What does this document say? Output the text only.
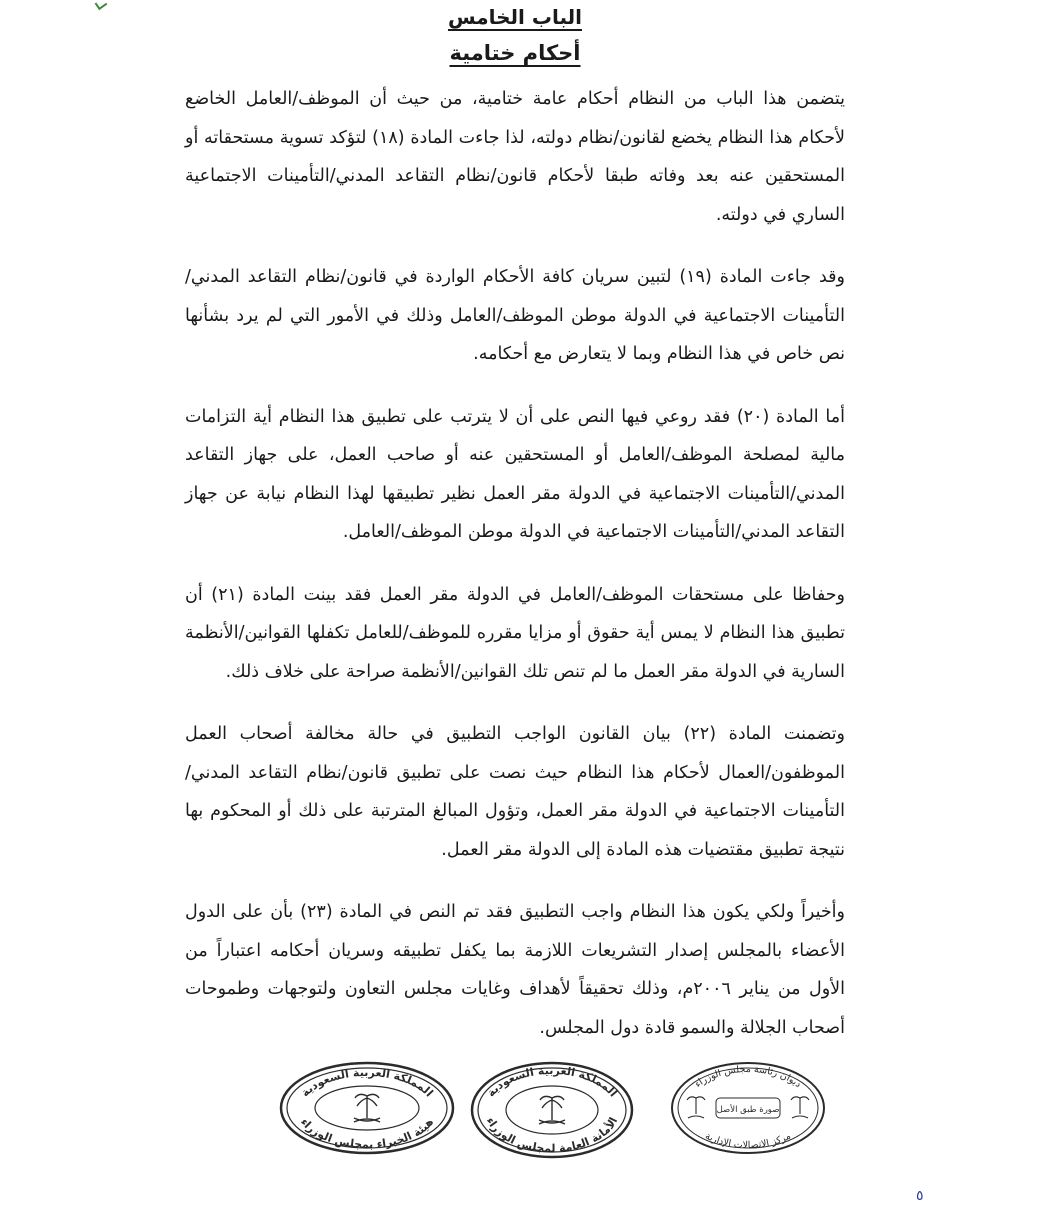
الباب الخامس
أحكام ختامية

يتضمن هذا الباب من النظام أحكام عامة ختامية، من حيث أن الموظف/العامل الخاضع لأحكام هذا النظام يخضع لقانون/نظام دولته، لذا جاءت المادة (١٨) لتؤكد تسوية مستحقاته أو المستحقين عنه بعد وفاته طبقا لأحكام قانون/نظام التقاعد المدني/التأمينات الاجتماعية الساري في دولته.

وقد جاءت المادة (١٩) لتبين سريان كافة الأحكام الواردة في قانون/نظام التقاعد المدني/التأمينات الاجتماعية في الدولة موطن الموظف/العامل وذلك في الأمور التي لم يرد بشأنها نص خاص في هذا النظام وبما لا يتعارض مع أحكامه.

أما المادة (٢٠) فقد روعي فيها النص على أن لا يترتب على تطبيق هذا النظام أية التزامات مالية لمصلحة الموظف/العامل أو المستحقين عنه أو صاحب العمل، على جهاز التقاعد المدني/التأمينات الاجتماعية في الدولة مقر العمل نظير تطبيقها لهذا النظام نيابة عن جهاز التقاعد المدني/التأمينات الاجتماعية في الدولة موطن الموظف/العامل.

وحفاظا على مستحقات الموظف/العامل في الدولة مقر العمل فقد بينت المادة (٢١) أن تطبيق هذا النظام لا يمس أية حقوق أو مزايا مقرره للموظف/للعامل تكفلها القوانين/الأنظمة السارية في الدولة مقر العمل ما لم تنص تلك القوانين/الأنظمة صراحة على خلاف ذلك.

وتضمنت المادة (٢٢) بيان القانون الواجب التطبيق في حالة مخالفة أصحاب العمل الموظفون/العمال لأحكام هذا النظام حيث نصت على تطبيق قانون/نظام التقاعد المدني/التأمينات الاجتماعية في الدولة مقر العمل، وتؤول المبالغ المترتبة على ذلك أو المحكوم بها نتيجة تطبيق مقتضيات هذه المادة إلى الدولة مقر العمل.

وأخيراً ولكي يكون هذا النظام واجب التطبيق فقد تم النص في المادة (٢٣) بأن على الدول الأعضاء بالمجلس إصدار التشريعات اللازمة بما يكفل تطبيقه وسريان أحكامه اعتباراً من الأول من يناير ٢٠٠٦م، وذلك تحقيقاً لأهداف وغايات مجلس التعاون ولتوجهات وطموحات أصحاب الجلالة والسمو قادة دول المجلس.

المملكة العربية السعودية
هيئة الخبراء بمجلس الوزراء
المملكة العربية السعودية
الأمانة العامة لمجلس الوزراء
ديوان رئاسة مجلس الوزراء
صورة طبق الأصل
مركز الاتصالات الإدارية
٥
